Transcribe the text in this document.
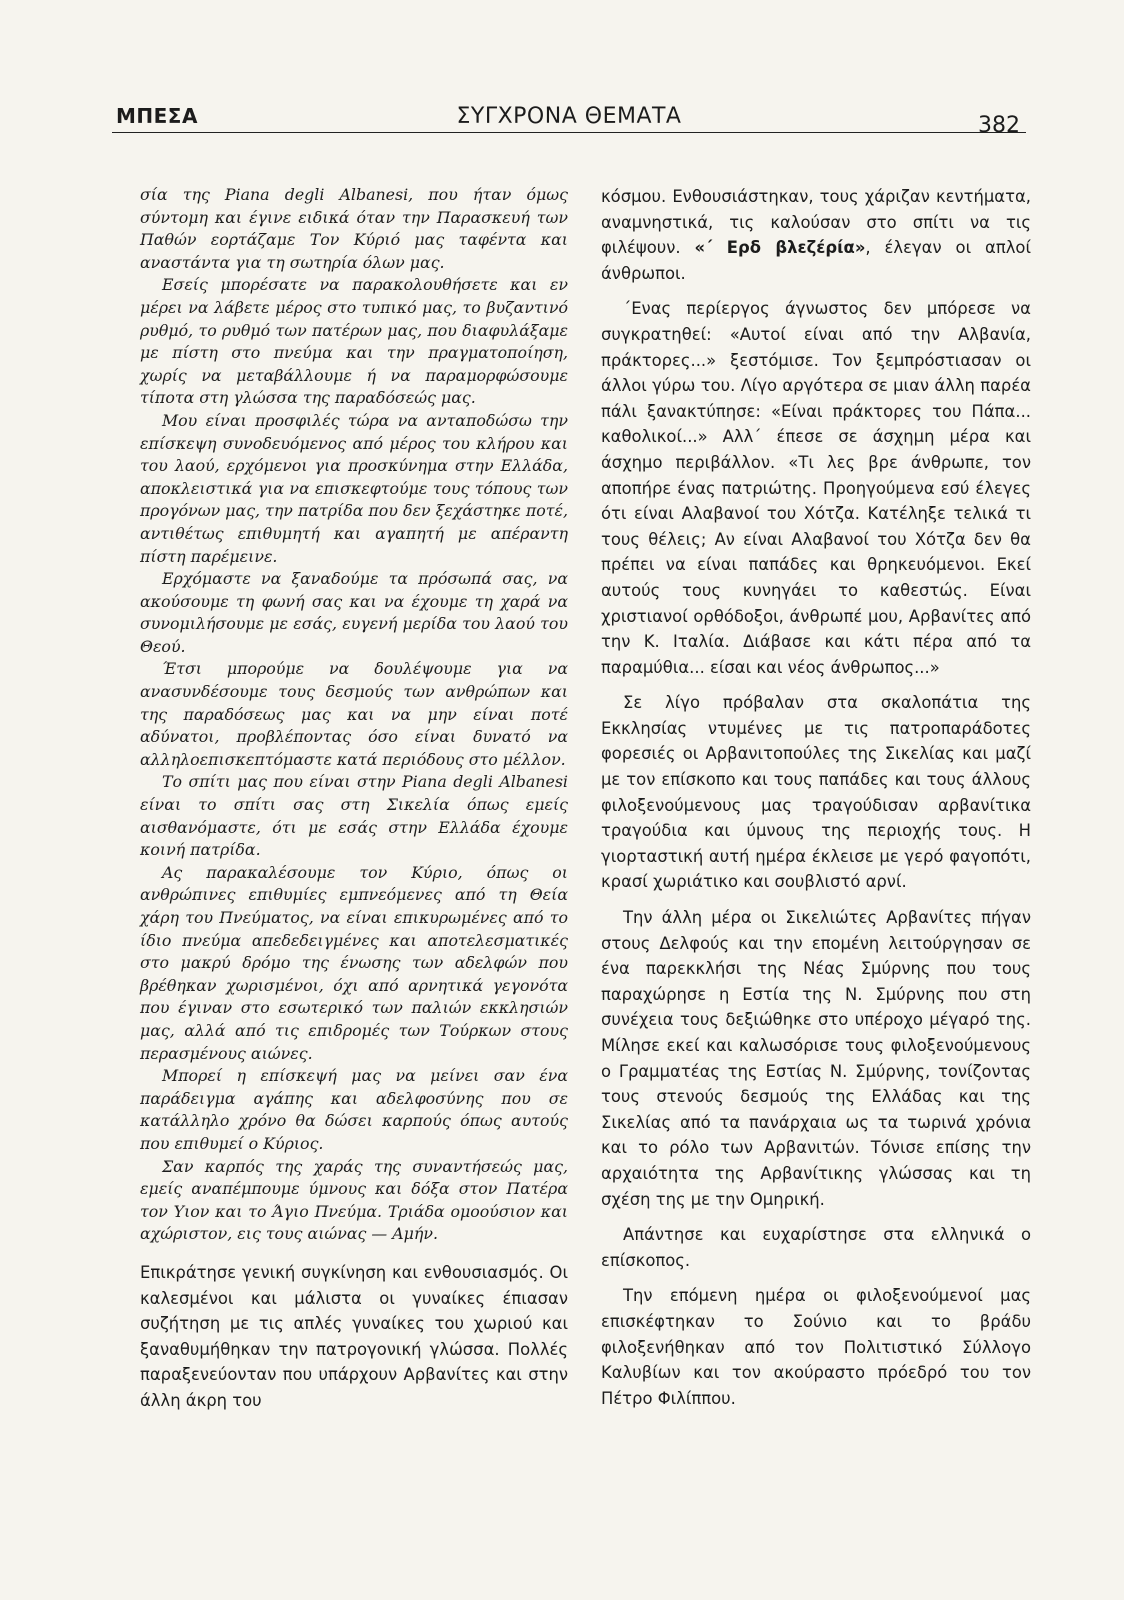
ΜΠΕΣΑ	ΣΥΓΧΡΟΝΑ ΘΕΜΑΤΑ	382

σία της Piana degli Albanesi, που ήταν όμως σύντομη και έγινε ειδικά όταν την Παρασκευή των Παθών εορτάζαμε Τον Κύριό μας ταφέντα και αναστάντα για τη σωτηρία όλων μας.

Εσείς μπορέσατε να παρακολουθήσετε και εν μέρει να λάβετε μέρος στο τυπικό μας, το βυζαντινό ρυθμό, το ρυθμό των πατέρων μας, που διαφυλάξαμε με πίστη στο πνεύμα και την πραγματοποίηση, χωρίς να μεταβάλλουμε ή να παραμορφώσουμε τίποτα στη γλώσσα της παραδόσεώς μας.

Μου είναι προσφιλές τώρα να ανταποδώσω την επίσκεψη συνοδευόμενος από μέρος του κλήρου και του λαού, ερχόμενοι για προσκύνημα στην Ελλάδα, αποκλειστικά για να επισκεφτούμε τους τόπους των προγόνων μας, την πατρίδα που δεν ξεχάστηκε ποτέ, αντιθέτως επιθυμητή και αγαπητή με απέραντη πίστη παρέμεινε.

Ερχόμαστε να ξαναδούμε τα πρόσωπά σας, να ακούσουμε τη φωνή σας και να έχουμε τη χαρά να συνομιλήσουμε με εσάς, ευγενή μερίδα του λαού του Θεού.

Έτσι μπορούμε να δουλέψουμε για να ανασυνδέσουμε τους δεσμούς των ανθρώπων και της παραδόσεως μας και να μην είναι ποτέ αδύνατοι, προβλέποντας όσο είναι δυνατό να αλληλοεπισκεπτόμαστε κατά περιόδους στο μέλλον.

Το σπίτι μας που είναι στην Piana degli Albanesi είναι το σπίτι σας στη Σικελία όπως εμείς αισθανόμαστε, ότι με εσάς στην Ελλάδα έχουμε κοινή πατρίδα.

Ας παρακαλέσουμε τον Κύριο, όπως οι ανθρώπινες επιθυμίες εμπνεόμενες από τη Θεία χάρη του Πνεύματος, να είναι επικυρωμένες από το ίδιο πνεύμα απεδεδειγμένες και αποτελεσματικές στο μακρύ δρόμο της ένωσης των αδελφών που βρέθηκαν χωρισμένοι, όχι από αρνητικά γεγονότα που έγιναν στο εσωτερικό των παλιών εκκλησιών μας, αλλά από τις επιδρομές των Τούρκων στους περασμένους αιώνες.

Μπορεί η επίσκεψή μας να μείνει σαν ένα παράδειγμα αγάπης και αδελφοσύνης που σε κατάλληλο χρόνο θα δώσει καρπούς όπως αυτούς που επιθυμεί ο Κύριος.

Σαν καρπός της χαράς της συναντήσεώς μας, εμείς αναπέμπουμε ύμνους και δόξα στον Πατέρα τον Υιον και το Άγιο Πνεύμα. Τριάδα ομοούσιον και αχώριστον, εις τους αιώνας — Αμήν.

Επικράτησε γενική συγκίνηση και ενθουσιασμός. Οι καλεσμένοι και μάλιστα οι γυναίκες έπιασαν συζήτηση με τις απλές γυναίκες του χωριού και ξαναθυμήθηκαν την πατρογονική γλώσσα. Πολλές παραξενεύονταν που υπάρχουν Αρβανίτες και στην άλλη άκρη του

κόσμου. Ενθουσιάστηκαν, τους χάριζαν κεντήματα, αναμνηστικά, τις καλούσαν στο σπίτι να τις φιλέψουν. «΄ Ερδ βλεζέρία», έλεγαν οι απλοί άνθρωποι.

΄Ενας περίεργος άγνωστος δεν μπόρεσε να συγκρατηθεί: «Αυτοί είναι από την Αλβανία, πράκτορες...» ξεστόμισε. Τον ξεμπρόστιασαν οι άλλοι γύρω του. Λίγο αργότερα σε μιαν άλλη παρέα πάλι ξανακτύπησε: «Είναι πράκτορες του Πάπα... καθολικοί...» Αλλ΄ έπεσε σε άσχημη μέρα και άσχημο περιβάλλον. «Τι λες βρε άνθρωπε, τον αποπήρε ένας πατριώτης. Προηγούμενα εσύ έλεγες ότι είναι Αλαβανοί του Χότζα. Κατέληξε τελικά τι τους θέλεις; Αν είναι Αλαβανοί του Χότζα δεν θα πρέπει να είναι παπάδες και θρηκευόμενοι. Εκεί αυτούς τους κυνηγάει το καθεστώς. Είναι χριστιανοί ορθόδοξοι, άνθρωπέ μου, Αρβανίτες από την Κ. Ιταλία. Διάβασε και κάτι πέρα από τα παραμύθια... είσαι και νέος άνθρωπος...»

Σε λίγο πρόβαλαν στα σκαλοπάτια της Εκκλησίας ντυμένες με τις πατροπαράδοτες φορεσιές οι Αρβανιτοπούλες της Σικελίας και μαζί με τον επίσκοπο και τους παπάδες και τους άλλους φιλοξενούμενους μας τραγούδισαν αρβανίτικα τραγούδια και ύμνους της περιοχής τους. Η γιορταστική αυτή ημέρα έκλεισε με γερό φαγοπότι, κρασί χωριάτικο και σουβλιστό αρνί.

Την άλλη μέρα οι Σικελιώτες Αρβανίτες πήγαν στους Δελφούς και την επομένη λειτούργησαν σε ένα παρεκκλήσι της Νέας Σμύρνης που τους παραχώρησε η Εστία της Ν. Σμύρνης που στη συνέχεια τους δεξιώθηκε στο υπέροχο μέγαρό της. Μίλησε εκεί και καλωσόρισε τους φιλοξενούμενους ο Γραμματέας της Εστίας Ν. Σμύρνης, τονίζοντας τους στενούς δεσμούς της Ελλάδας και της Σικελίας από τα πανάρχαια ως τα τωρινά χρόνια και το ρόλο των Αρβανιτών. Τόνισε επίσης την αρχαιότητα της Αρβανίτικης γλώσσας και τη σχέση της με την Ομηρική.

Απάντησε και ευχαρίστησε στα ελληνικά ο επίσκοπος.

Την επόμενη ημέρα οι φιλοξενούμενοί μας επισκέφτηκαν το Σούνιο και το βράδυ φιλοξενήθηκαν από τον Πολιτιστικό Σύλλογο Καλυβίων και τον ακούραστο πρόεδρό του τον Πέτρο Φιλίππου.
